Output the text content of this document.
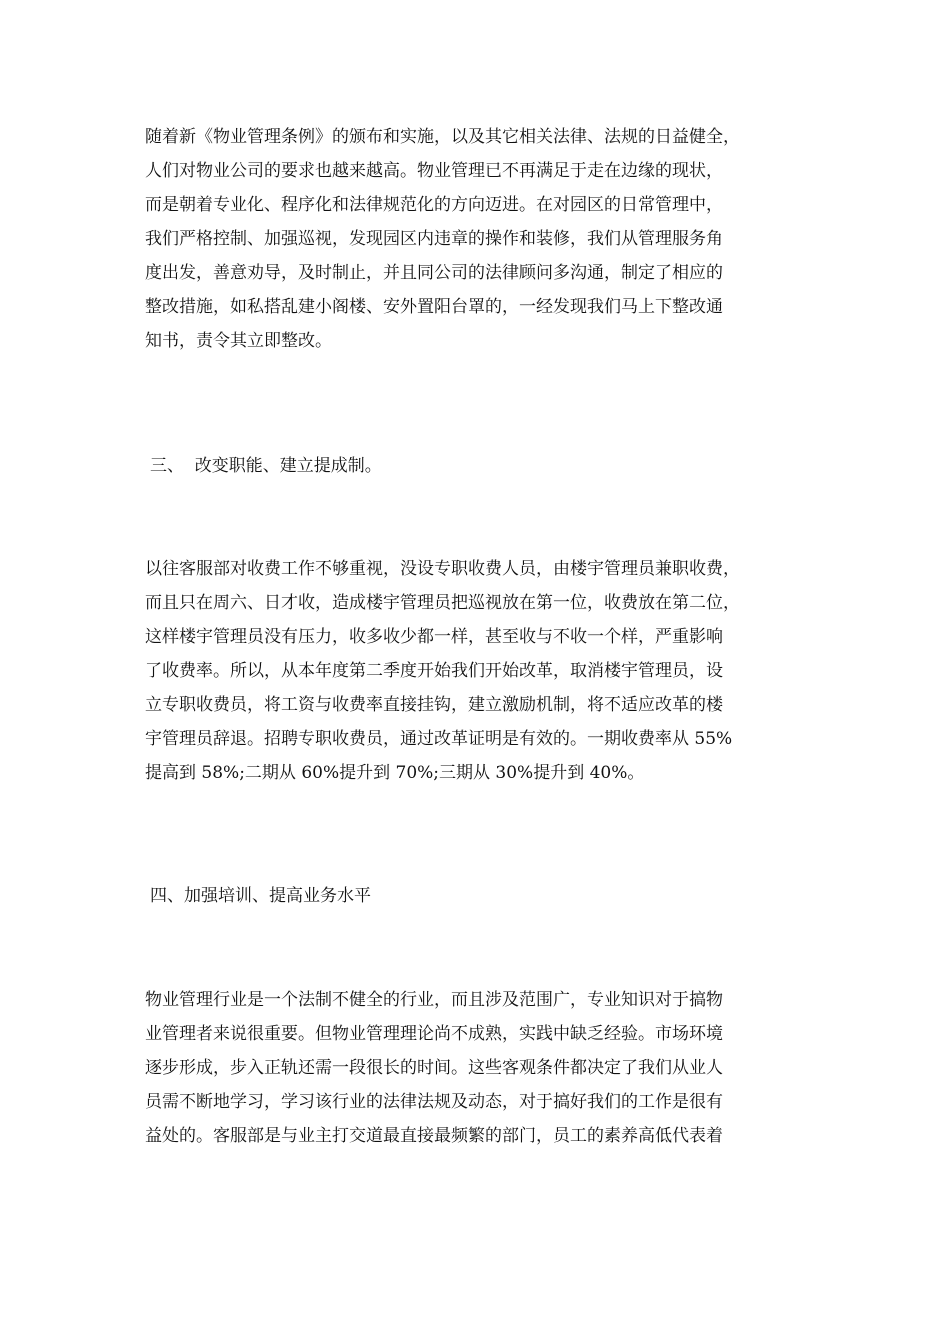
随着新《物业管理条例》的颁布和实施，以及其它相关法律、法规的日益健全，
人们对物业公司的要求也越来越高。物业管理已不再满足于走在边缘的现状，
而是朝着专业化、程序化和法律规范化的方向迈进。在对园区的日常管理中，
我们严格控制、加强巡视，发现园区内违章的操作和装修，我们从管理服务角
度出发，善意劝导，及时制止，并且同公司的法律顾问多沟通，制定了相应的
整改措施，如私搭乱建小阁楼、安外置阳台罩的，一经发现我们马上下整改通
知书，责令其立即整改。
三、  改变职能、建立提成制。
以往客服部对收费工作不够重视，没设专职收费人员，由楼宇管理员兼职收费，
而且只在周六、日才收，造成楼宇管理员把巡视放在第一位，收费放在第二位，
这样楼宇管理员没有压力，收多收少都一样，甚至收与不收一个样，严重影响
了收费率。所以，从本年度第二季度开始我们开始改革，取消楼宇管理员，设
立专职收费员，将工资与收费率直接挂钩，建立激励机制，将不适应改革的楼
宇管理员辞退。招聘专职收费员，通过改革证明是有效的。一期收费率从 55%
提高到 58%;二期从 60%提升到 70%;三期从 30%提升到 40%。
四、加强培训、提高业务水平
物业管理行业是一个法制不健全的行业，而且涉及范围广，专业知识对于搞物
业管理者来说很重要。但物业管理理论尚不成熟，实践中缺乏经验。市场环境
逐步形成，步入正轨还需一段很长的时间。这些客观条件都决定了我们从业人
员需不断地学习，学习该行业的法律法规及动态，对于搞好我们的工作是很有
益处的。客服部是与业主打交道最直接最频繁的部门，员工的素养高低代表着
